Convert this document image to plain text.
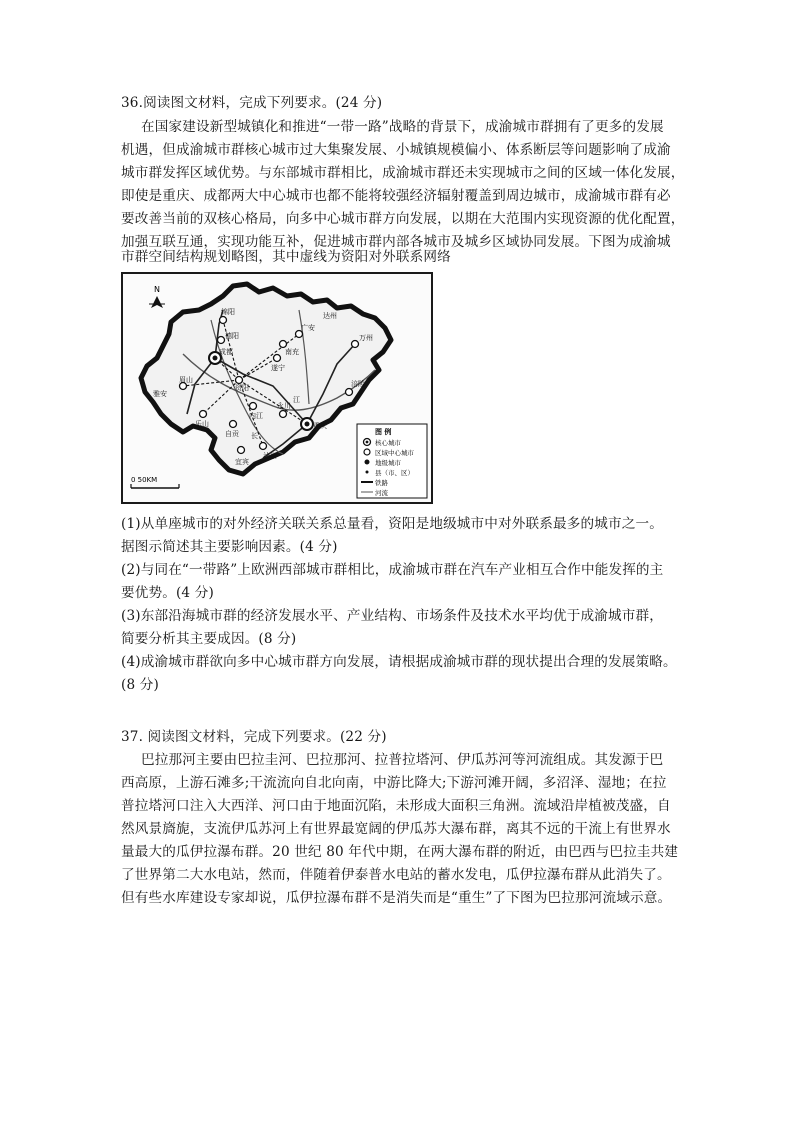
36.阅读图文材料，完成下列要求。(24 分)
在国家建设新型城镇化和推进“一带一路”战略的背景下，成渝城市群拥有了更多的发展
机遇，但成渝城市群核心城市过大集聚发展、小城镇规模偏小、体系断层等问题影响了成渝
城市群发挥区域优势。与东部城市群相比，成渝城市群还未实现城市之间的区域一体化发展，
即使是重庆、成都两大中心城市也都不能将较强经济辐射覆盖到周边城市，成渝城市群有必
要改善当前的双核心格局，向多中心城市群方向发展，以期在大范围内实现资源的优化配置，
加强互联互通，实现功能互补，促进城市群内部各城市及城乡区域协同发展。下图为成渝城
市群空间结构规划略图，其中虚线为资阳对外联系网络
N
绵阳
德阳
成都
资阳
遂宁
南充
广安
万州
达州
眉山
雅安
乐山
内江
自贡
宜宾
泸州
永川
重庆
涪陵
江
长
0 50KM
图 例
核心城市
区域中心城市
地级城市
县（市、区）
铁路
河流
(1)从单座城市的对外经济关联关系总量看，资阳是地级城市中对外联系最多的城市之一。
据图示简述其主要影响因素。(4 分)
(2)与同在“一带路”上欧洲西部城市群相比，成渝城市群在汽车产业相互合作中能发挥的主
要优势。(4 分)
(3)东部沿海城市群的经济发展水平、产业结构、市场条件及技术水平均优于成渝城市群，
简要分析其主要成因。(8 分)
(4)成渝城市群欲向多中心城市群方向发展，请根据成渝城市群的现状提出合理的发展策略。
(8 分)
37. 阅读图文材料，完成下列要求。(22 分)
巴拉那河主要由巴拉圭河、巴拉那河、拉普拉塔河、伊瓜苏河等河流组成。其发源于巴
西高原，上游石滩多;干流流向自北向南，中游比降大;下游河滩开阔，多沼泽、湿地；在拉
普拉塔河口注入大西洋、河口由于地面沉陷，未形成大面积三角洲。流域沿岸植被茂盛，自
然风景旖旎，支流伊瓜苏河上有世界最宽阔的伊瓜苏大瀑布群，离其不远的干流上有世界水
量最大的瓜伊拉瀑布群。20 世纪 80 年代中期，在两大瀑布群的附近，由巴西与巴拉圭共建
了世界第二大水电站，然而，伴随着伊泰普水电站的蓄水发电，瓜伊拉瀑布群从此消失了。
但有些水库建设专家却说，瓜伊拉瀑布群不是消失而是“重生”了下图为巴拉那河流域示意。
